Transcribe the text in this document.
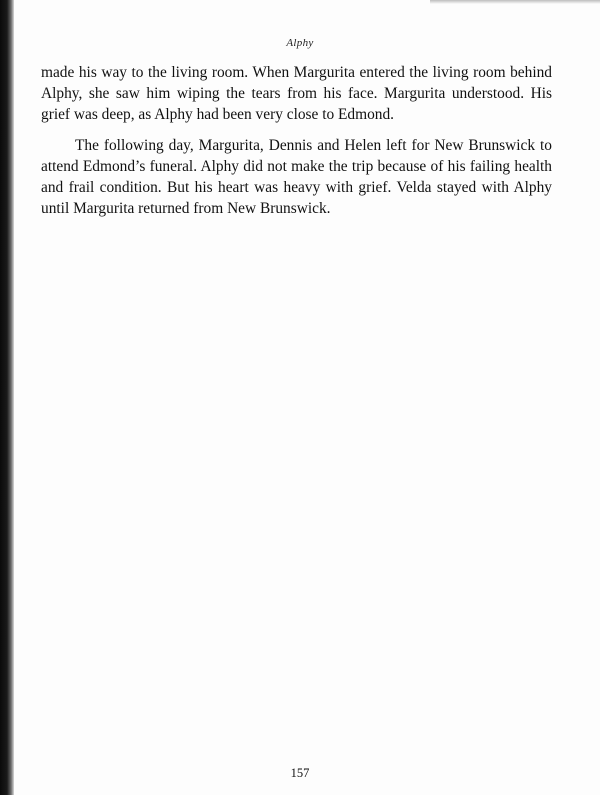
Alphy

made his way to the living room. When Margurita entered the living room behind Alphy, she saw him wiping the tears from his face. Margurita understood. His grief was deep, as Alphy had been very close to Edmond.

The following day, Margurita, Dennis and Helen left for New Brunswick to attend Edmond’s funeral. Alphy did not make the trip because of his failing health and frail condition. But his heart was heavy with grief. Velda stayed with Alphy until Margurita returned from New Brunswick.

157
